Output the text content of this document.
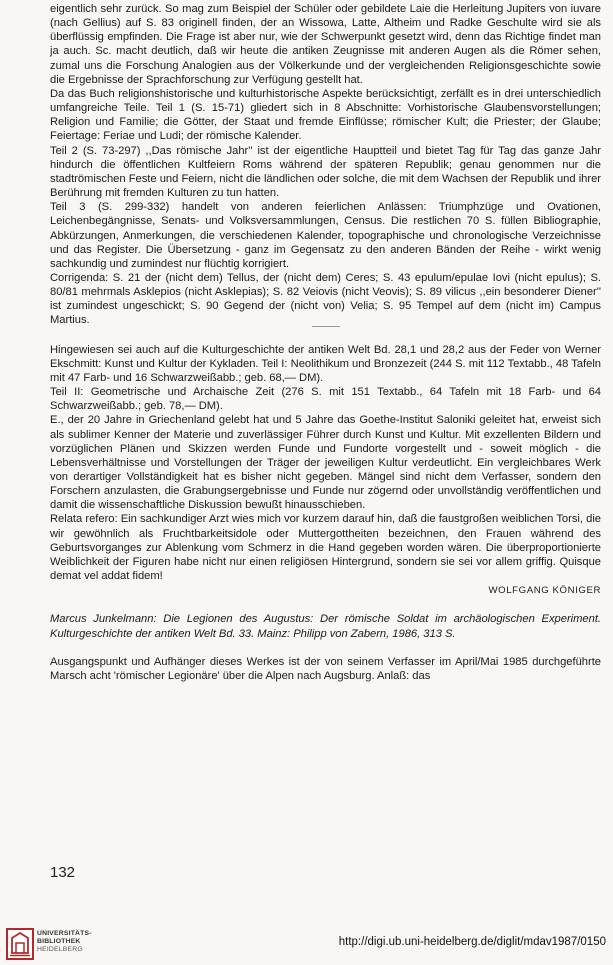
eigentlich sehr zurück. So mag zum Beispiel der Schüler oder gebildete Laie die Herleitung Jupiters von iuvare (nach Gellius) auf S. 83 originell finden, der an Wissowa, Latte, Altheim und Radke Geschulte wird sie als überflüssig empfinden. Die Frage ist aber nur, wie der Schwerpunkt gesetzt wird, denn das Richtige findet man ja auch. Sc. macht deutlich, daß wir heute die antiken Zeugnisse mit anderen Augen als die Römer sehen, zumal uns die Forschung Analogien aus der Völkerkunde und der vergleichenden Religionsgeschichte sowie die Ergebnisse der Sprachforschung zur Verfügung gestellt hat.

Da das Buch religionshistorische und kulturhistorische Aspekte berücksichtigt, zerfällt es in drei unterschiedlich umfangreiche Teile. Teil 1 (S. 15-71) gliedert sich in 8 Abschnitte: Vorhistorische Glaubensvorstellungen; Religion und Familie; die Götter, der Staat und fremde Einflüsse; römischer Kult; die Priester; der Glaube; Feiertage: Feriae und Ludi; der römische Kalender.

Teil 2 (S. 73-297) ,,Das römische Jahr'' ist der eigentliche Hauptteil und bietet Tag für Tag das ganze Jahr hindurch die öffentlichen Kultfeiern Roms während der späteren Republik; genau genommen nur die stadtrömischen Feste und Feiern, nicht die ländlichen oder solche, die mit dem Wachsen der Republik und ihrer Berührung mit fremden Kulturen zu tun hatten.

Teil 3 (S. 299-332) handelt von anderen feierlichen Anlässen: Triumphzüge und Ovationen, Leichenbegängnisse, Senats- und Volksversammlungen, Census. Die restlichen 70 S. füllen Bibliographie, Abkürzungen, Anmerkungen, die verschiedenen Kalender, topographische und chronologische Verzeichnisse und das Register. Die Übersetzung - ganz im Gegensatz zu den anderen Bänden der Reihe - wirkt wenig sachkundig und zumindest nur flüchtig korrigiert.

Corrigenda: S. 21 der (nicht dem) Tellus, der (nicht dem) Ceres; S. 43 epulum/epulae Iovi (nicht epulus); S. 80/81 mehrmals Asklepios (nicht Asklepias); S. 82 Veiovis (nicht Veovis); S. 89 vilicus ,,ein besonderer Diener'' ist zumindest ungeschickt; S. 90 Gegend der (nicht von) Velia; S. 95 Tempel auf dem (nicht im) Campus Martius.

Hingewiesen sei auch auf die Kulturgeschichte der antiken Welt Bd. 28,1 und 28,2 aus der Feder von Werner Ekschmitt: Kunst und Kultur der Kykladen. Teil I: Neolithikum und Bronzezeit (244 S. mit 112 Textabb., 48 Tafeln mit 47 Farb- und 16 Schwarzweißabb.; geb. 68,— DM).

Teil II: Geometrische und Archaische Zeit (276 S. mit 151 Textabb., 64 Tafeln mit 18 Farb- und 64 Schwarzweißabb.; geb. 78,— DM).

E., der 20 Jahre in Griechenland gelebt hat und 5 Jahre das Goethe-Institut Saloniki geleitet hat, erweist sich als sublimer Kenner der Materie und zuverlässiger Führer durch Kunst und Kultur. Mit exzellenten Bildern und vorzüglichen Plänen und Skizzen werden Funde und Fundorte vorgestellt und - soweit möglich - die Lebensverhältnisse und Vorstellungen der Träger der jeweiligen Kultur verdeutlicht. Ein vergleichbares Werk von derartiger Vollständigkeit hat es bisher nicht gegeben. Mängel sind nicht dem Verfasser, sondern den Forschern anzulasten, die Grabungsergebnisse und Funde nur zögernd oder unvollständig veröffentlichen und damit die wissenschaftliche Diskussion bewußt hinausschieben.

Relata refero: Ein sachkundiger Arzt wies mich vor kurzem darauf hin, daß die faustgroßen weiblichen Torsi, die wir gewöhnlich als Fruchtbarkeitsidole oder Muttergottheiten bezeichnen, den Frauen während des Geburtsvorganges zur Ablenkung vom Schmerz in die Hand gegeben worden wären. Die überproportionierte Weiblichkeit der Figuren habe nicht nur einen religiösen Hintergrund, sondern sie sei vor allem griffig. Quisque demat vel addat fidem!

WOLFGANG KÖNIGER

Marcus Junkelmann: Die Legionen des Augustus: Der römische Soldat im archäologischen Experiment. Kulturgeschichte der antiken Welt Bd. 33. Mainz: Philipp von Zabern, 1986, 313 S.

Ausgangspunkt und Aufhänger dieses Werkes ist der von seinem Verfasser im April/Mai 1985 durchgeführte Marsch acht 'römischer Legionäre' über die Alpen nach Augsburg. Anlaß: das

132
UNIVERSITÄTS-
BIBLIOTHEK
HEIDELBERG
http://digi.ub.uni-heidelberg.de/diglit/mdav1987/0150
